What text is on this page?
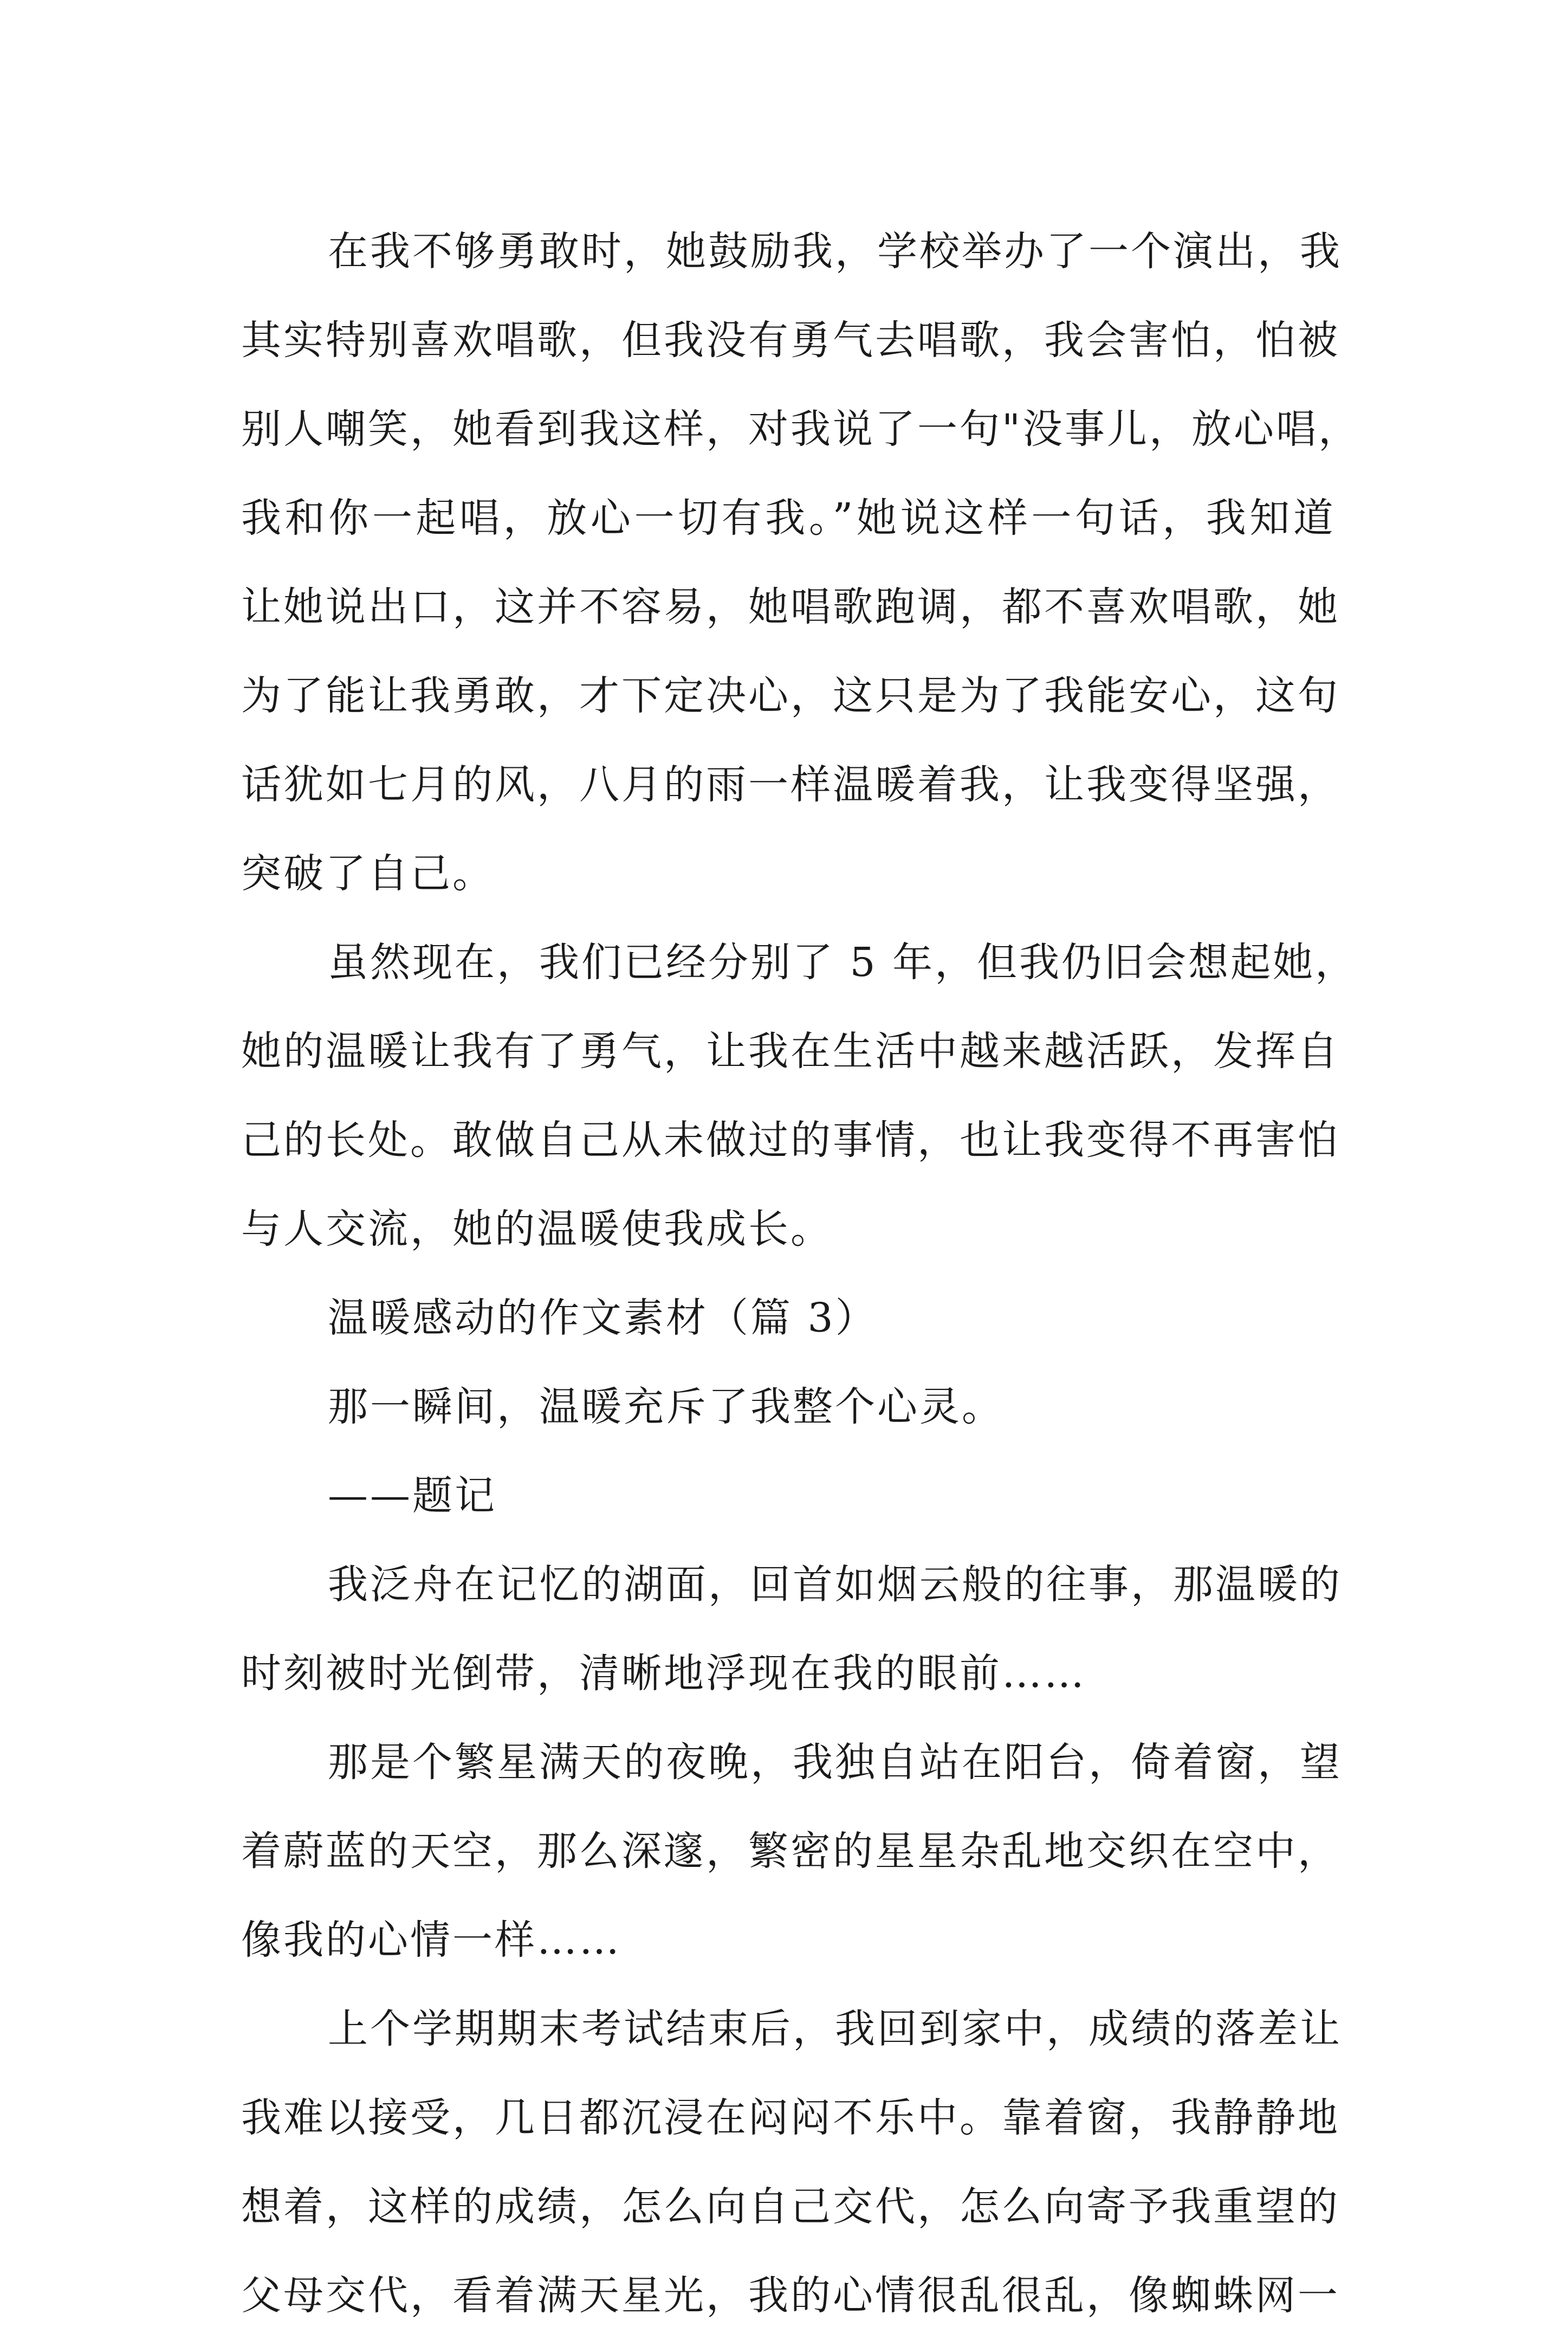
在我不够勇敢时，她鼓励我，学校举办了一个演出，我
其实特别喜欢唱歌，但我没有勇气去唱歌，我会害怕，怕被
别人嘲笑，她看到我这样，对我说了一句"没事儿，放心唱，
我和你一起唱，放心一切有我。”她说这样一句话，我知道
让她说出口，这并不容易，她唱歌跑调，都不喜欢唱歌，她
为了能让我勇敢，才下定决心，这只是为了我能安心，这句
话犹如七月的风，八月的雨一样温暖着我，让我变得坚强，
突破了自己。
虽然现在，我们已经分别了 5 年，但我仍旧会想起她，
她的温暖让我有了勇气，让我在生活中越来越活跃，发挥自
己的长处。敢做自己从未做过的事情，也让我变得不再害怕
与人交流，她的温暖使我成长。
温暖感动的作文素材（篇 3）
那一瞬间，温暖充斥了我整个心灵。
——题记
我泛舟在记忆的湖面，回首如烟云般的往事，那温暖的
时刻被时光倒带，清晰地浮现在我的眼前……
那是个繁星满天的夜晚，我独自站在阳台，倚着窗，望
着蔚蓝的天空，那么深邃，繁密的星星杂乱地交织在空中，
像我的心情一样……
上个学期期末考试结束后，我回到家中，成绩的落差让
我难以接受，几日都沉浸在闷闷不乐中。靠着窗，我静静地
想着，这样的成绩，怎么向自己交代，怎么向寄予我重望的
父母交代，看着满天星光，我的心情很乱很乱，像蜘蛛网一
